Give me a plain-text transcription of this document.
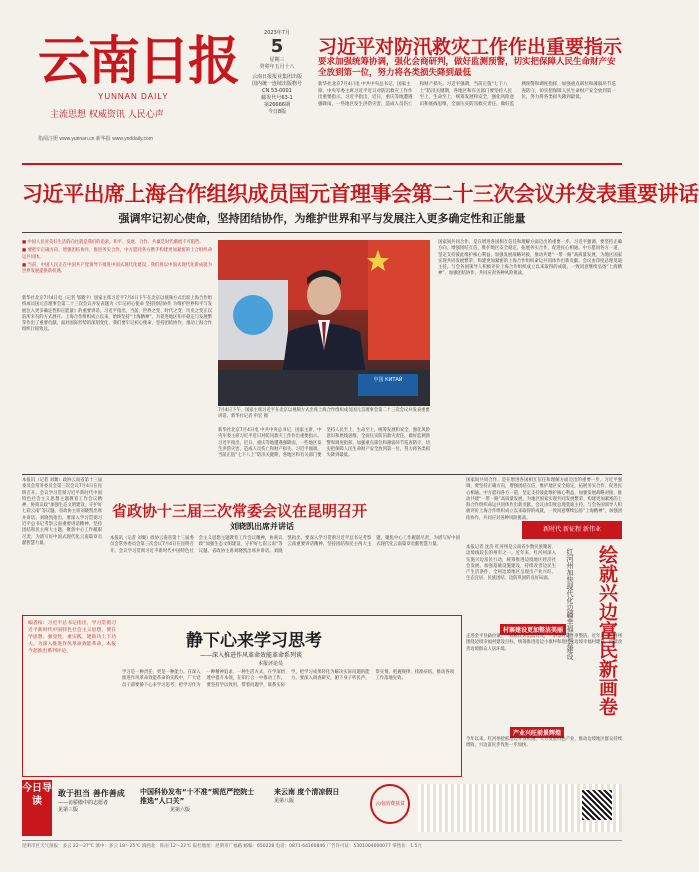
云南日报
YUNNAN DAILY
主流思想 权威资讯 人民心声
指阅注册 www.yunnan.cn 新华报 www.ynddaily.com
2023年7月
5
星期三
癸卯年五月十八
云南日报报业集团出版
国内统一连续出版物号
CN 53-0001
邮发代号63-1
第26666期
今日8版
习近平对防汛救灾工作作出重要指示
要求加强统筹协调，强化会商研判，做好监测预警，切实把保障人民生命财产安全放到第一位，努力将各类损失降到最低
新华社北京7月4日电 中共中央总书记、国家主席、中央军委主席习近平近日对防汛救灾工作作出重要指示。习近平指出，近日，重庆等地遭遇强降雨，一些地区发生洪涝灾害，造成人员伤亡和财产损失。习近平强调，当前正值“七下八上”防汛关键期，各地区和有关部门要坚持人民至上、生命至上，统筹发展和安全，强化风险意识和底线思维，全面压实防汛救灾责任，做好监测预警和调度指挥，加强重点部位和薄弱环节巡查防守，切实把保障人民生命财产安全放到第一位，努力将各类损失降到最低。
习近平出席上海合作组织成员国元首理事会第二十三次会议并发表重要讲话
强调牢记初心使命，坚持团结协作，为维护世界和平与发展注入更多确定性和正能量
■ 中国人民对美好生活的向往就是我们的追求。和平、发展、合作、共赢是时代潮流不可阻挡。
■ 要把牢正确方向，增强团结协作，推进务实合作，中方愿同各方携手构建更加紧密的上合组织命运共同体。
■ 当前，中国人民正在中国共产党领导下推进中国式现代化建设，我们将以中国式现代化新成就为世界发展提供新机遇。
新华社北京7月4日电（记者 邹晓宇）国家主席习近平7月4日下午在北京以视频方式出席上海合作组织成员国元首理事会第二十三次会议并发表题为《牢记初心使命 坚持团结协作 为维护世界和平与发展注入更多确定性和正能量》的重要讲话。习近平指出，当前，世界之变、时代之变、历史之变正以前所未有的方式展开。上海合作组织成立以来，始终坚持“上海精神”，为促进地区和平稳定与发展繁荣作出了重要贡献。面对国际形势的深刻变化，我们要牢记初心使命，坚持团结协作，推动上海合作组织行稳致远。
中国 КИТАЙ
7月4日下午，国家主席习近平在北京以视频方式出席上海合作组织成员国元首理事会第二十三次会议并发表重要讲话。新华社记者 申宏 摄
新华社北京7月4日电 中共中央总书记、国家主席、中央军委主席习近平近日对防汛救灾工作作出重要指示。习近平指出，近日，重庆等地遭遇强降雨，一些地区发生洪涝灾害，造成人员伤亡和财产损失。习近平强调，当前正值“七下八上”防汛关键期，各地区和有关部门要坚持人民至上、生命至上，统筹发展和安全，强化风险意识和底线思维，全面压实防汛救灾责任，做好监测预警和调度指挥，加强重点部位和薄弱环节巡查防守，切实把保障人民生命财产安全放到第一位，努力将各类损失降到最低。
国家间共同合作，是在增进各国相互信任和理解方面迈出的重要一步。习近平强调，要坚持正确方向，增强团结互信，维护地区安全稳定，拓展务实合作，促进民心相通。中方愿同各方一道，坚定支持彼此维护核心利益，加强发展战略对接，推动共建“一带一路”高质量发展，为地区国家实现共同发展繁荣、构建更加紧密的上海合作组织命运共同体作出新贡献。会议由印度总理莫迪主持。与会各国领导人积极评价上海合作组织成立以来取得的成就，一致同意继续弘扬“上海精神”，加强团结协作，共同应对各种风险挑战。
本报讯（记者 刘翼）政协云南省第十三届委员会常务委员会第三次会议7月4日在昆明召开。会议学习贯彻习近平新时代中国特色社会主义思想主题教育工作会议精神，协商议政“加强生态文明建设、守护好七彩云南”等议题。省政协主席刘晓凯出席并讲话。刘晓凯指出，要深入学习贯彻习近平总书记考察云南重要讲话精神，坚持团结和民主两大主题，聚焦中心工作履职尽责，为谱写好中国式现代化云南篇章贡献智慧力量。
省政协十三届三次常委会议在昆明召开
刘晓凯出席并讲话
本报讯（记者 刘翼）政协云南省第十三届委员会常务委员会第三次会议7月4日在昆明召开。会议学习贯彻习近平新时代中国特色社会主义思想主题教育工作会议精神，协商议政“加强生态文明建设、守护好七彩云南”等议题。省政协主席刘晓凯出席并讲话。刘晓凯指出，要深入学习贯彻习近平总书记考察云南重要讲话精神，坚持团结和民主两大主题，聚焦中心工作履职尽责，为谱写好中国式现代化云南篇章贡献智慧力量。
编者按：习近平总书记指出，学习贯彻习近平新时代中国特色社会主义思想，要在学思想、强党性、重实践、建新功上下功夫。为深入推进作风革命效能革命，本报今起推出系列评论。
静下心来学习思考
——深入推进作风革命效能革命系列谈
本报评论员
学习是一种责任，更是一种能力。在深入推进作风革命效能革命的实践中，广大党员干部要静下心来学习思考，把学习作为一种精神追求、一种生活方式，在学深悟透中提升本领，在知行合一中推动工作。要坚持学以致用，带着问题学，联系实际学，把学习成果转化为解决实际问题的能力。要深入调查研究，俯下身子听民声，察实情，把握规律，找准症结，推动各项工作落地见效。
国家间共同合作，是在增进各国相互信任和理解方面迈出的重要一步。习近平强调，要坚持正确方向，增强团结互信，维护地区安全稳定，拓展务实合作，促进民心相通。中方愿同各方一道，坚定支持彼此维护核心利益，加强发展战略对接，推动共建“一带一路”高质量发展，为地区国家实现共同发展繁荣、构建更加紧密的上海合作组织命运共同体作出新贡献。会议由印度总理莫迪主持。与会各国领导人积极评价上海合作组织成立以来取得的成就，一致同意继续弘扬“上海精神”，加强团结协作，共同应对各种风险挑战。
新时代 新征程 新伟业
红河州加快现代化边疆幸福社会建设	绘就兴边富民新画卷
本报记者 沈浩 红河州是云南省少数民族聚居、边境线较长的州市之一。近年来，红河州深入实施兴边富民行动，统筹推进边境地区经济社会发展，加强基础设施建设，持续改善边民生产生活条件，全州边境地区呈现出产业兴旺、生态宜居、民族团结、边防巩固的良好局面。
村寨建设更加整洁美丽
走进金平县勐拉镇，一栋栋民居错落有致，一条条村道干净整洁。近年来，红河州围绕边境幸福村建设目标，统筹推进沿边小康村和现代化边境幸福村建设，持续改善边境群众人居环境。
产业兴旺前景辉煌
今年以来，红河州抢抓沿边开放机遇，大力发展特色产业，推动边境地区群众持续增收，兴边富民步伐进一步加快。
今日导读
敢于担当 善作善成
——访骄傲中的志愿者
见第三版
中国科协发布“十不准”规范严控院士推选“人口关”
见第六版
来云南 度个清凉假日
见第八版	云南消费扶贫
昆明市区天气预报：多云 22～27℃ 滇中：多云 18～25℃ 滇西北：阵雨 12～22℃ 报社地址：昆明市广福路 邮编：650228 电话：0871-64160846 广告许可证：5301004000077 零售价：1.5元
